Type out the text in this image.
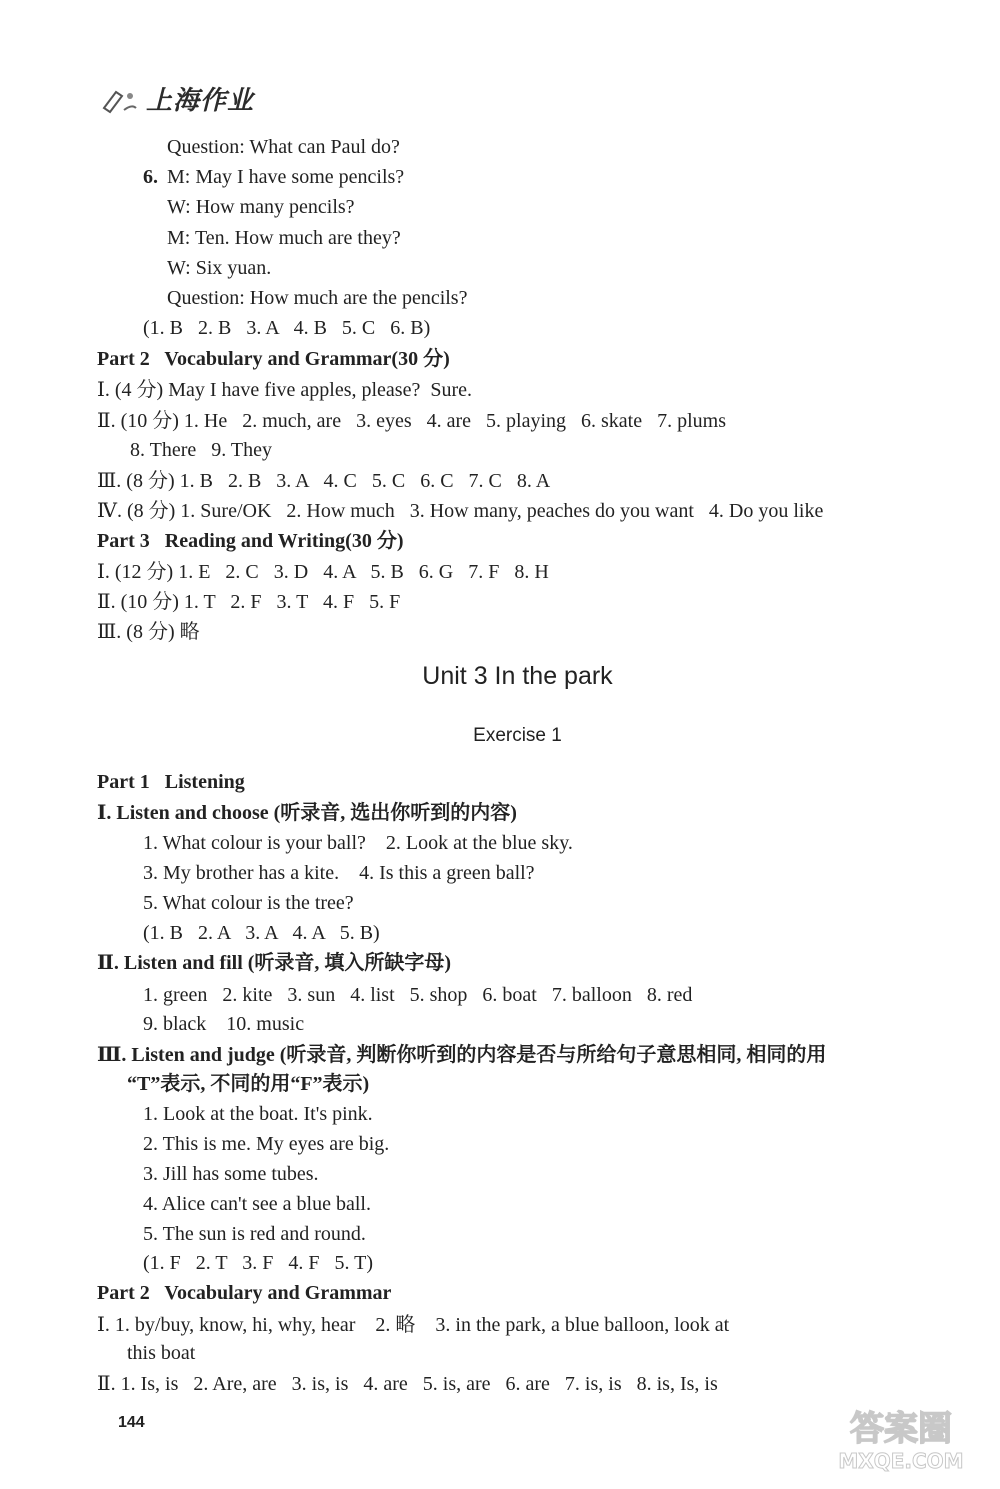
上海作业
Question: What can Paul do?
6. M: May I have some pencils?
W: How many pencils?
M: Ten. How much are they?
W: Six yuan.
Question: How much are the pencils?
(1. B   2. B   3. A   4. B   5. C   6. B)
Part 2   Vocabulary and Grammar(30 分)
Ⅰ. (4 分) May I have five apples, please?  Sure.
Ⅱ. (10 分) 1. He   2. much, are   3. eyes   4. are   5. playing   6. skate   7. plums
8. There   9. They
Ⅲ. (8 分) 1. B   2. B   3. A   4. C   5. C   6. C   7. C   8. A
Ⅳ. (8 分) 1. Sure/OK   2. How much   3. How many, peaches do you want   4. Do you like
Part 3   Reading and Writing(30 分)
Ⅰ. (12 分) 1. E   2. C   3. D   4. A   5. B   6. G   7. F   8. H
Ⅱ. (10 分) 1. T   2. F   3. T   4. F   5. F
Ⅲ. (8 分) 略
Unit 3 In the park
Exercise 1
Part 1   Listening
Ⅰ. Listen and choose (听录音, 选出你听到的内容)
1. What colour is your ball?    2. Look at the blue sky.
3. My brother has a kite.    4. Is this a green ball?
5. What colour is the tree?
(1. B   2. A   3. A   4. A   5. B)
Ⅱ. Listen and fill (听录音, 填入所缺字母)
1. green   2. kite   3. sun   4. list   5. shop   6. boat   7. balloon   8. red
9. black    10. music
Ⅲ. Listen and judge (听录音, 判断你听到的内容是否与所给句子意思相同, 相同的用
“T”表示, 不同的用“F”表示)
1. Look at the boat. It's pink.
2. This is me. My eyes are big.
3. Jill has some tubes.
4. Alice can't see a blue ball.
5. The sun is red and round.
(1. F   2. T   3. F   4. F   5. T)
Part 2   Vocabulary and Grammar
Ⅰ. 1. by/buy, know, hi, why, hear    2. 略    3. in the park, a blue balloon, look at
this boat
Ⅱ. 1. Is, is   2. Are, are   3. is, is   4. are   5. is, are   6. are   7. is, is   8. is, Is, is
144	答案圈
MXQE.COM
